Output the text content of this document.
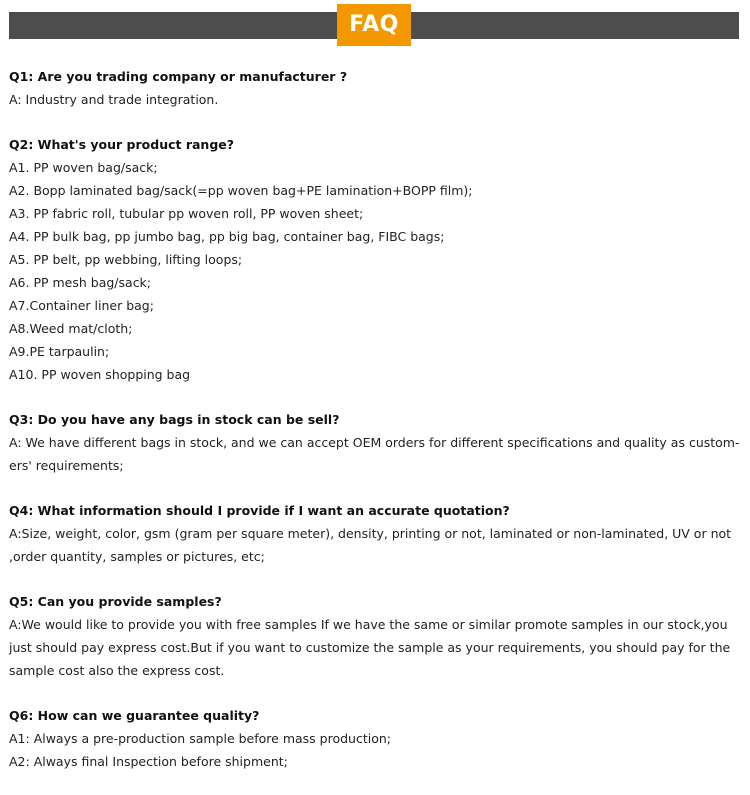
FAQ
Q1: Are you trading company or manufacturer ?
A: Industry and trade integration.
Q2: What's your product range?
A1. PP woven bag/sack;
A2. Bopp laminated bag/sack(=pp woven bag+PE lamination+BOPP film);
A3. PP fabric roll, tubular pp woven roll, PP woven sheet;
A4. PP bulk bag, pp jumbo bag, pp big bag, container bag, FIBC bags;
A5. PP belt, pp webbing, lifting loops;
A6. PP mesh bag/sack;
A7.Container liner bag;
A8.Weed mat/cloth;
A9.PE tarpaulin;
A10. PP woven shopping bag
Q3: Do you have any bags in stock can be sell?
A: We have different bags in stock, and we can accept OEM orders for different specifications and quality as custom-
ers' requirements;
Q4: What information should I provide if I want an accurate quotation?
A:Size, weight, color, gsm (gram per square meter), density, printing or not, laminated or non-laminated, UV or not
,order quantity, samples or pictures, etc;
Q5: Can you provide samples?
A:We would like to provide you with free samples If we have the same or similar promote samples in our stock,you
just should pay express cost.But if you want to customize the sample as your requirements, you should pay for the
sample cost also the express cost.
Q6: How can we guarantee quality?
A1: Always a pre-production sample before mass production;
A2: Always final Inspection before shipment;
